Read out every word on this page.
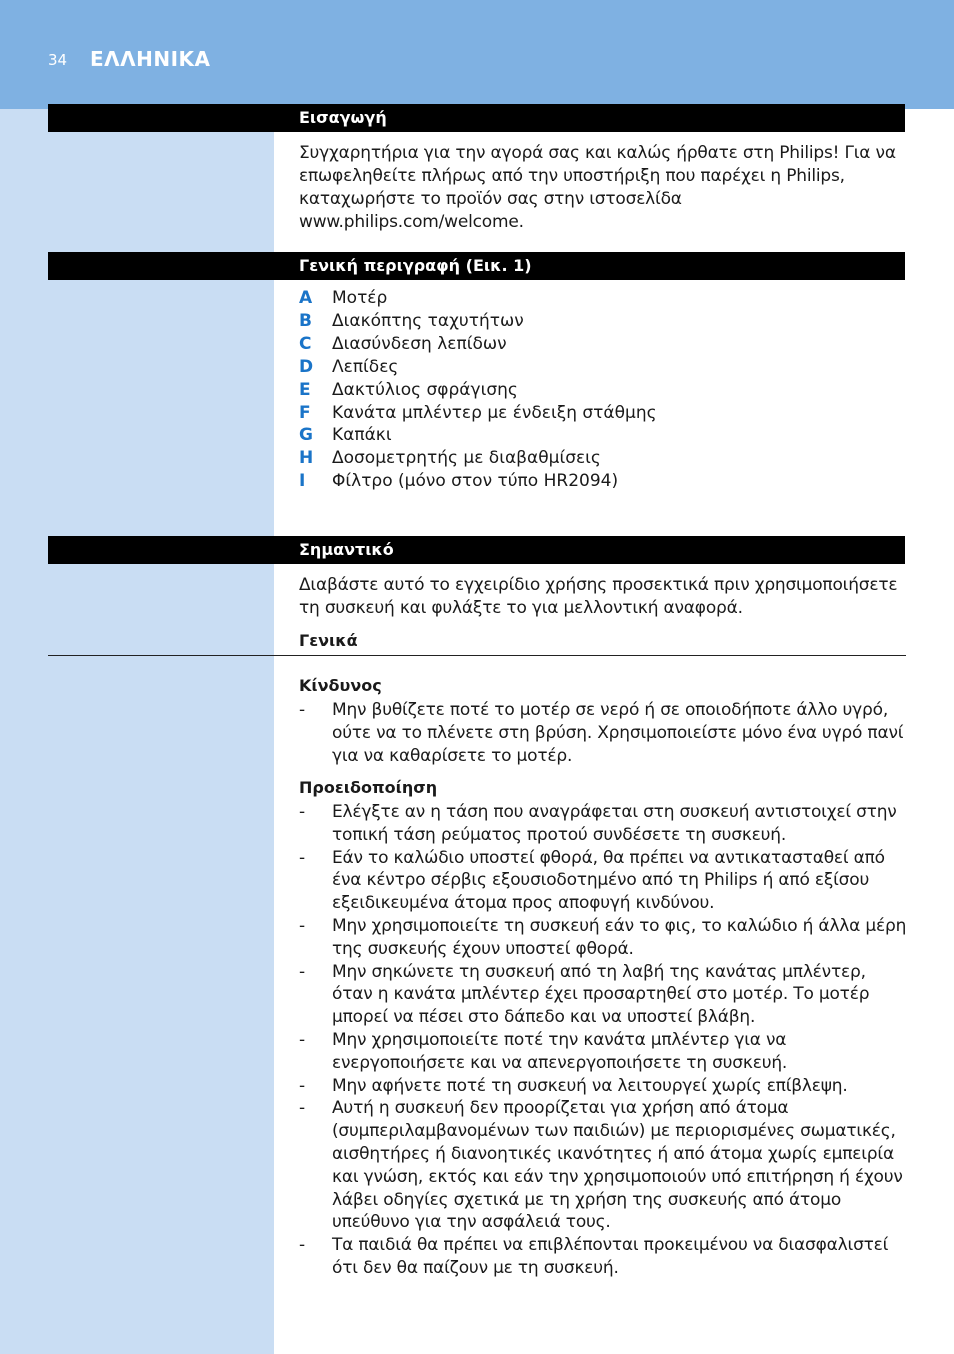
34 ΕΛΛΗΝΙΚΑ
Εισαγωγή

Συγχαρητήρια για την αγορά σας και καλώς ήρθατε στη Philips! Για να επωφεληθείτε πλήρως από την υποστήριξη που παρέχει η Philips, καταχωρήστε το προϊόν σας στην ιστοσελίδα www.philips.com/welcome.

Γενική περιγραφή (Εικ. 1)
A	Μοτέρ
B	Διακόπτης ταχυτήτων
C	Διασύνδεση λεπίδων
D	Λεπίδες
E	Δακτύλιος σφράγισης
F	Κανάτα μπλέντερ με ένδειξη στάθμης
G	Καπάκι
H	Δοσομετρητής με διαβαθμίσεις
I	Φίλτρο (μόνο στον τύπο HR2094)
Σημαντικό

Διαβάστε αυτό το εγχειρίδιο χρήσης προσεκτικά πριν χρησιμοποιήσετε τη συσκευή και φυλάξτε το για μελλοντική αναφορά.

Γενικά
Κίνδυνος
-	Μην βυθίζετε ποτέ το μοτέρ σε νερό ή σε οποιοδήποτε άλλο υγρό, ούτε να το πλένετε στη βρύση. Χρησιμοποιείστε μόνο ένα υγρό πανί για να καθαρίσετε το μοτέρ.
Προειδοποίηση
-	Ελέγξτε αν η τάση που αναγράφεται στη συσκευή αντιστοιχεί στην τοπική τάση ρεύματος προτού συνδέσετε τη συσκευή.
-	Εάν το καλώδιο υποστεί φθορά, θα πρέπει να αντικατασταθεί από ένα κέντρο σέρβις εξουσιοδοτημένο από τη Philips ή από εξίσου εξειδικευμένα άτομα προς αποφυγή κινδύνου.
-	Μην χρησιμοποιείτε τη συσκευή εάν το φις, το καλώδιο ή άλλα μέρη της συσκευής έχουν υποστεί φθορά.
-	Μην σηκώνετε τη συσκευή από τη λαβή της κανάτας μπλέντερ, όταν η κανάτα μπλέντερ έχει προσαρτηθεί στο μοτέρ. Το μοτέρ μπορεί να πέσει στο δάπεδο και να υποστεί βλάβη.
-	Μην χρησιμοποιείτε ποτέ την κανάτα μπλέντερ για να ενεργοποιήσετε και να απενεργοποιήσετε τη συσκευή.
-	Μην αφήνετε ποτέ τη συσκευή να λειτουργεί χωρίς επίβλεψη.
-	Αυτή η συσκευή δεν προορίζεται για χρήση από άτομα (συμπεριλαμβανομένων των παιδιών) με περιορισμένες σωματικές, αισθητήρες ή διανοητικές ικανότητες ή από άτομα χωρίς εμπειρία και γνώση, εκτός και εάν την χρησιμοποιούν υπό επιτήρηση ή έχουν λάβει οδηγίες σχετικά με τη χρήση της συσκευής από άτομο υπεύθυνο για την ασφάλειά τους.
-	Τα παιδιά θα πρέπει να επιβλέπονται προκειμένου να διασφαλιστεί ότι δεν θα παίζουν με τη συσκευή.
